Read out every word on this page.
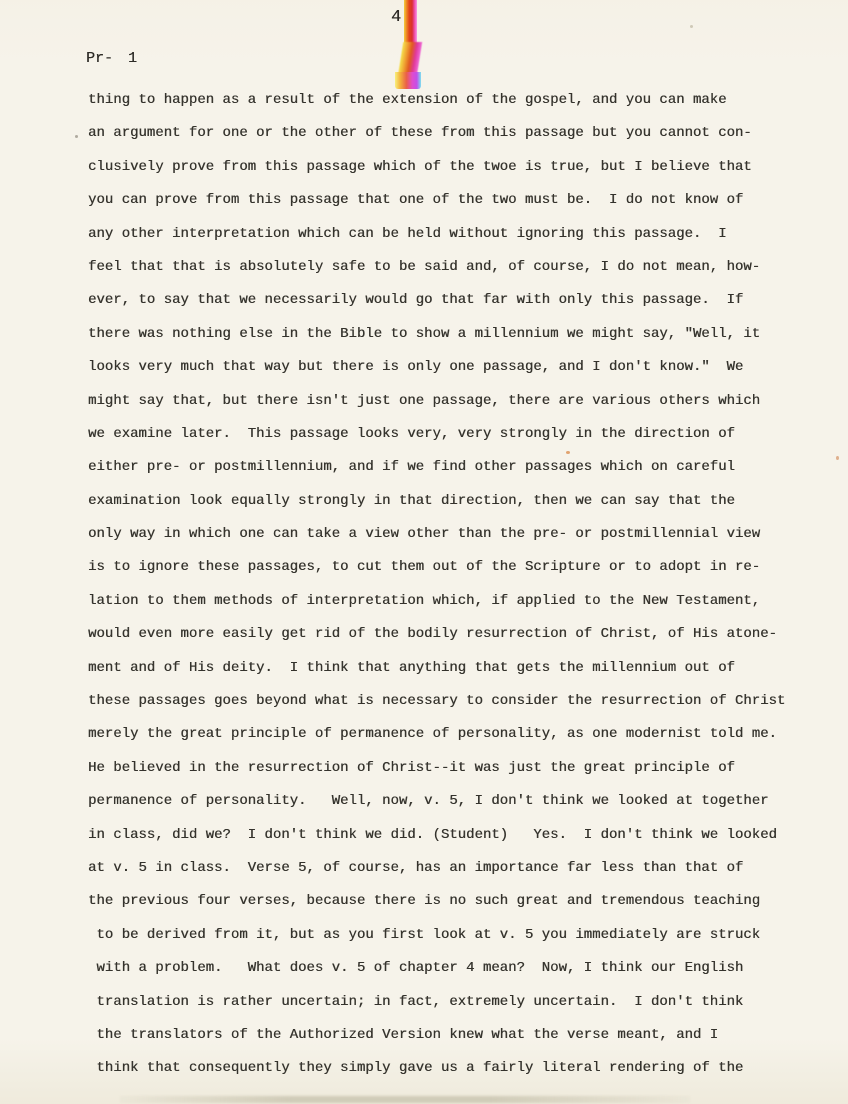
4
Pr- 1
thing to happen as a result of the extension of the gospel, and you can make
an argument for one or the other of these from this passage but you cannot con-
clusively prove from this passage which of the twoe is true, but I believe that
you can prove from this passage that one of the two must be.  I do not know of
any other interpretation which can be held without ignoring this passage.  I
feel that that is absolutely safe to be said and, of course, I do not mean, how-
ever, to say that we necessarily would go that far with only this passage.  If
there was nothing else in the Bible to show a millennium we might say, "Well, it
looks very much that way but there is only one passage, and I don't know."  We
might say that, but there isn't just one passage, there are various others which
we examine later.  This passage looks very, very strongly in the direction of
either pre- or postmillennium, and if we find other passages which on careful
examination look equally strongly in that direction, then we can say that the
only way in which one can take a view other than the pre- or postmillennial view
is to ignore these passages, to cut them out of the Scripture or to adopt in re-
lation to them methods of interpretation which, if applied to the New Testament,
would even more easily get rid of the bodily resurrection of Christ, of His atone-
ment and of His deity.  I think that anything that gets the millennium out of
these passages goes beyond what is necessary to consider the resurrection of Christ
merely the great principle of permanence of personality, as one modernist told me.
He believed in the resurrection of Christ--it was just the great principle of
permanence of personality.   Well, now, v. 5, I don't think we looked at together
in class, did we?  I don't think we did. (Student)   Yes.  I don't think we looked
at v. 5 in class.  Verse 5, of course, has an importance far less than that of
the previous four verses, because there is no such great and tremendous teaching
to be derived from it, but as you first look at v. 5 you immediately are struck
with a problem.   What does v. 5 of chapter 4 mean?  Now, I think our English
translation is rather uncertain; in fact, extremely uncertain.  I don't think
the translators of the Authorized Version knew what the verse meant, and I
think that consequently they simply gave us a fairly literal rendering of the
